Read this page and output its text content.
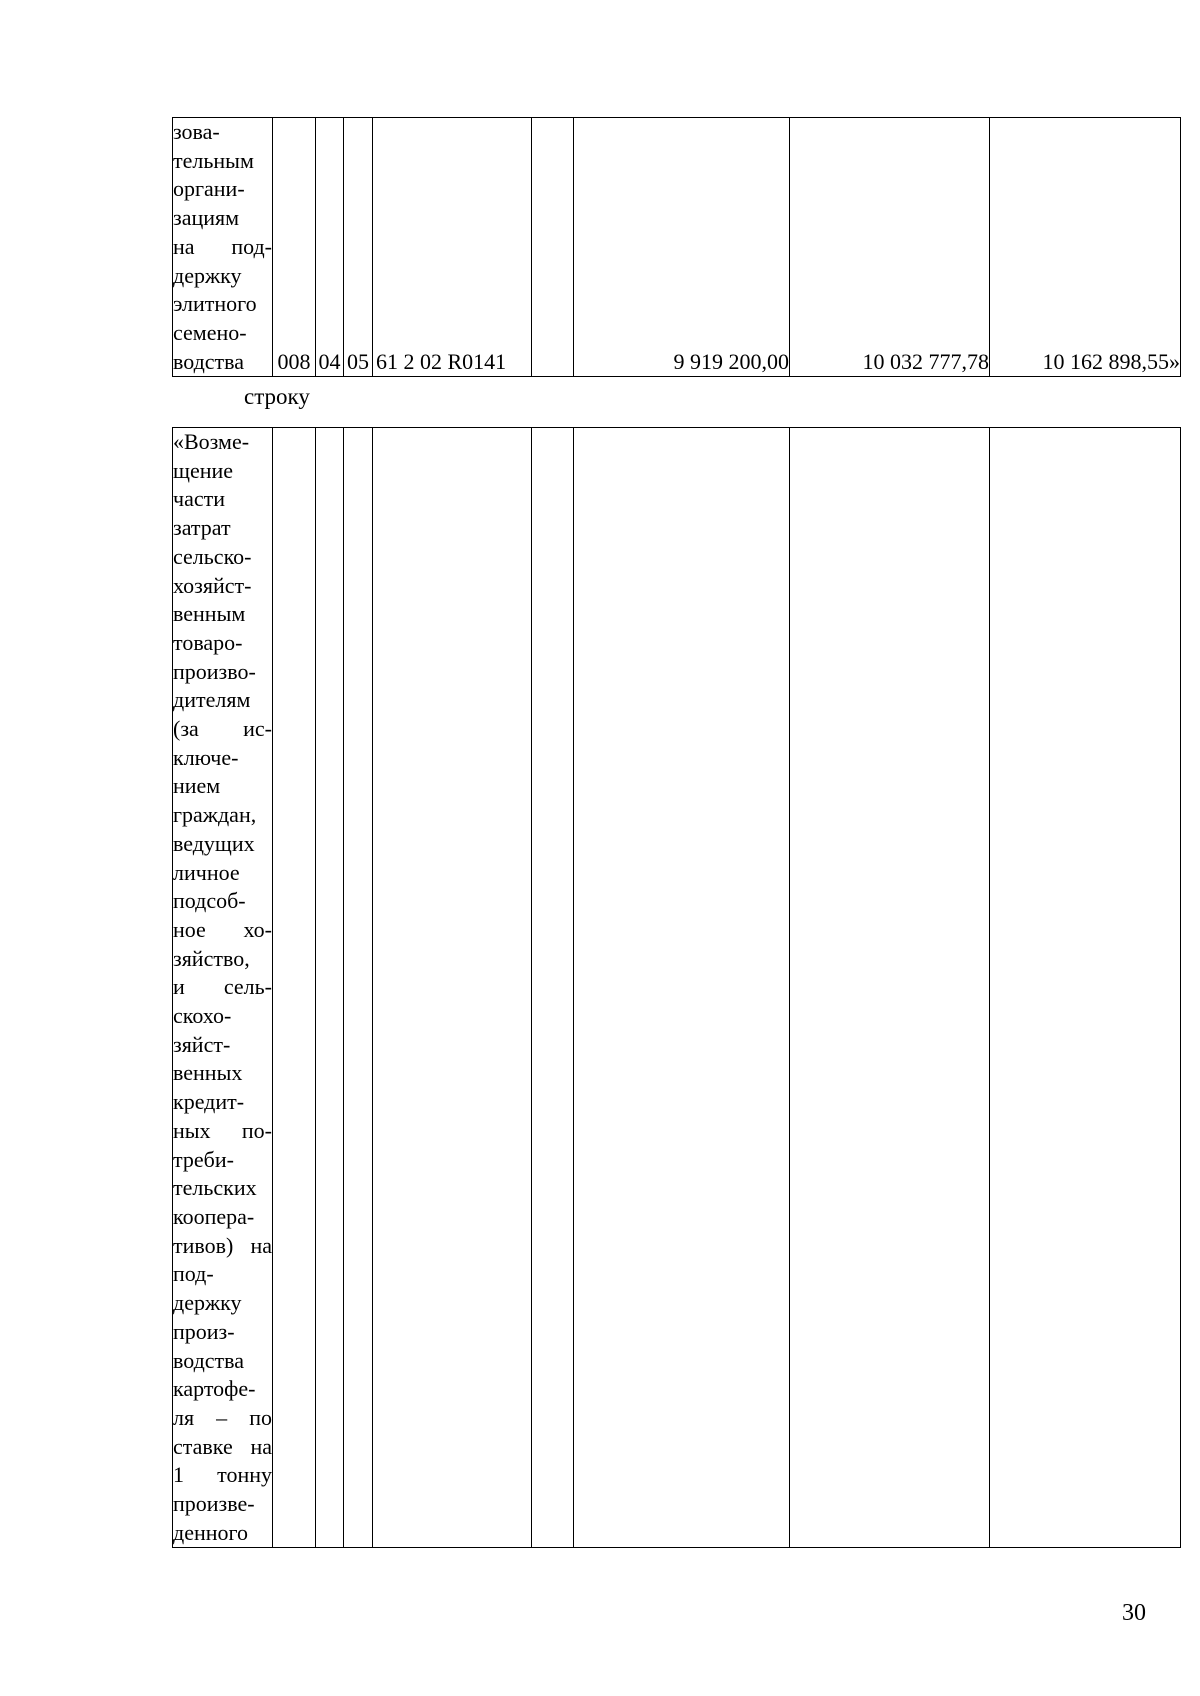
зова-
тельным
органи-
зациям
на под-
держку
элитного
семено-
водства	008	04	05	61 2 02 R0141		9 919 200,00	10 032 777,78	10 162 898,55»
строку
«Возме-
щение
части
затрат
сельско-
хозяйст-
венным
товаро-
произво-
дителям
(за ис-
ключе-
нием
граждан,
ведущих
личное
подсоб-
ное хо-
зяйство,
и сель-
скохо-
зяйст-
венных
кредит-
ных по-
треби-
тельских
коопера-
тивов) на
под-
держку
произ-
водства
картофе-
ля – по
ставке на
1 тонну
произве-
денного

30
